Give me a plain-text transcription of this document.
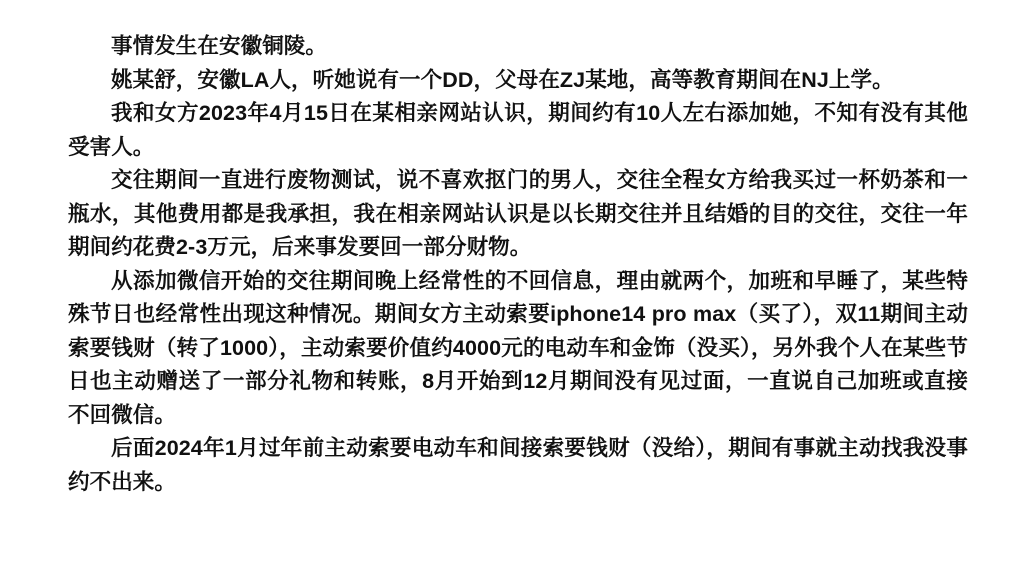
事情发生在安徽铜陵。

姚某舒，安徽LA人，听她说有一个DD，父母在ZJ某地，高等教育期间在NJ上学。

我和女方2023年4月15日在某相亲网站认识，期间约有10人左右添加她，不知有没有其他受害人。

交往期间一直进行废物测试，说不喜欢抠门的男人，交往全程女方给我买过一杯奶茶和一瓶水，其他费用都是我承担，我在相亲网站认识是以长期交往并且结婚的目的交往，交往一年期间约花费2-3万元，后来事发要回一部分财物。

从添加微信开始的交往期间晚上经常性的不回信息，理由就两个，加班和早睡了，某些特殊节日也经常性出现这种情况。期间女方主动索要iphone14 pro max（买了），双11期间主动索要钱财（转了1000），主动索要价值约4000元的电动车和金饰（没买），另外我个人在某些节日也主动赠送了一部分礼物和转账，8月开始到12月期间没有见过面，一直说自己加班或直接不回微信。

后面2024年1月过年前主动索要电动车和间接索要钱财（没给），期间有事就主动找我没事约不出来。
